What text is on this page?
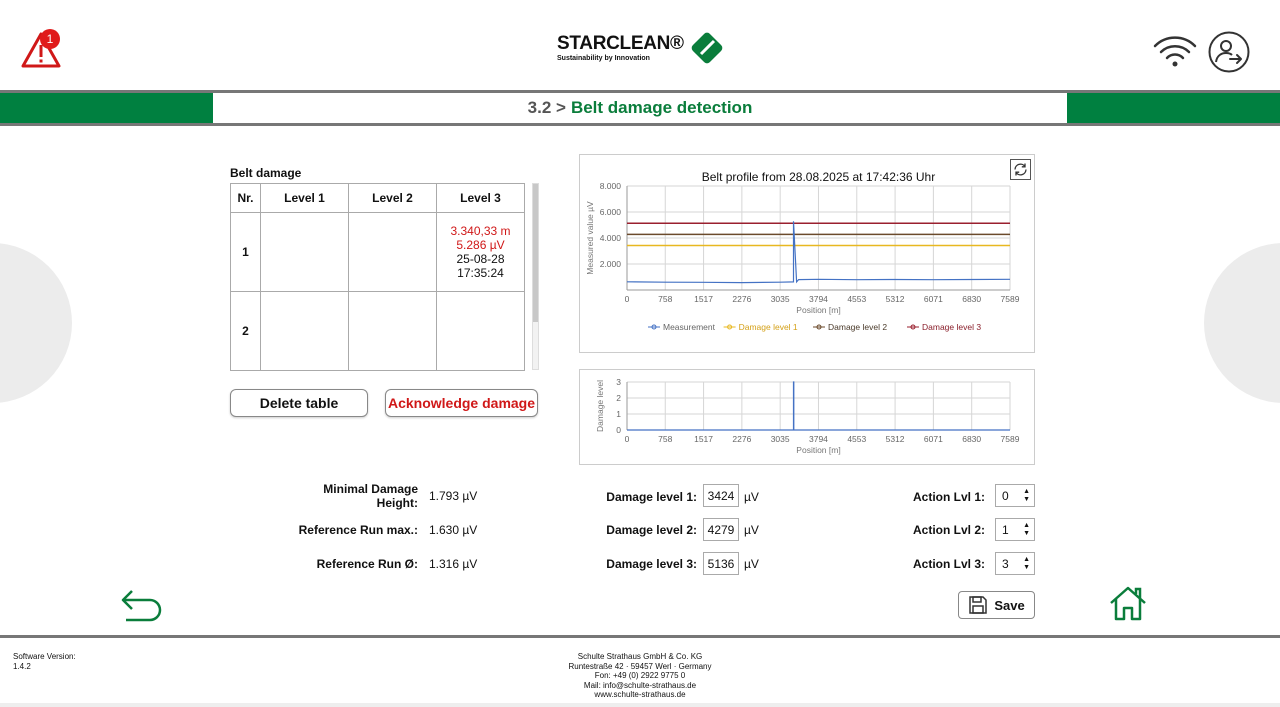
1	STARCLEAN®
Sustainability by Innovation
3.2 > Belt damage detection
Belt damage
Nr.	Level 1	Level 2	Level 3
1			3.340,33 m
5.286 µV
25-08-28
17:35:24

2			
Delete table	Acknowledge damage
0	758	1517 2276 3035 3794 4553 5312 6071 6830 7589
8.000
6.000
4.000
2.000
Belt profile from 28.08.2025 at 17:42:36 Uhr
Position [m]
Measured value µV
Measurement	Damage level 1	Damage level 2	Damage level 3
0	758	1517 2276 3035 3794 4553 5312 6071 6830 7589
3
2
1
0
Position [m]
Damage level
Minimal Damage
Height: 1.793 µV
Reference Run max.: 1.630 µV
Reference Run Ø: 1.316 µV
Damage level 1: 3424 µV
Damage level 2: 4279 µV
Damage level 3: 5136 µV
Action Lvl 1: 0 ▲
▼
Action Lvl 2: 1 ▲
▼
Action Lvl 3: 3 ▲
▼
Save
Software Version:
1.4.2
Schulte Strathaus GmbH & Co. KG
Runtestraße 42 · 59457 Werl · Germany
Fon: +49 (0) 2922 9775 0
Mail: info@schulte-strathaus.de
www.schulte-strathaus.de
